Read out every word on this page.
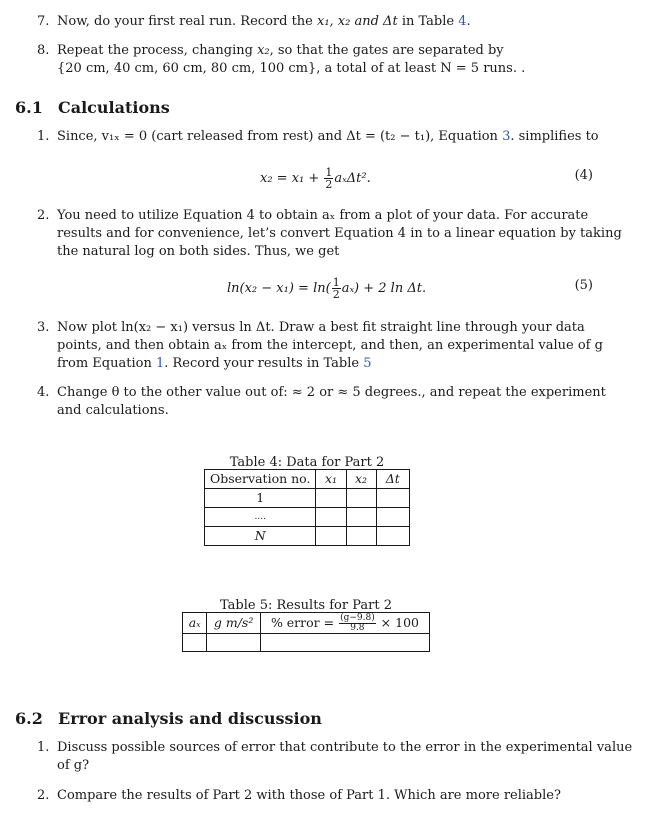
7. Now, do your first real run. Record the x₁, x₂ and Δt in Table 4.
8. Repeat the process, changing x₂, so that the gates are separated by
{20 cm, 40 cm, 60 cm, 80 cm, 100 cm}, a total of at least N = 5 runs. .
6.1 Calculations
1. Since, v₁ₓ = 0 (cart released from rest) and Δt = (t₂ − t₁), Equation 3. simplifies to
$x_2 = x_1 + \frac{1}{2} a_x\Delta t^2$.	(4)
2. You need to utilize Equation 4 to obtain aₓ from a plot of your data. For accurate
results and for convenience, let’s convert Equation 4 in to a linear equation by taking
the natural log on both sides. Thus, we get
$\ln(x_2 - x_1) = \ln( \frac{1}{2} a_x) + 2$ ln Δt.	(5)
3. Now plot ln(x₂ − x₁) versus ln Δt. Draw a best fit straight line through your data
points, and then obtain aₓ from the intercept, and then, an experimental value of g
from Equation 1. Record your results in Table 5
4. Change θ to the other value out of: ≈ 2 or ≈ 5 degrees., and repeat the experiment
and calculations.
Table 4: Data for Part 2
Observation no.	x₁	x₂	Δt
1			
....			
N			
Table 5: Results for Part 2
aₓ	g m/s²	% error = $\frac{(g-9.8)}{9.8} \times 100$

6.2 Error analysis and discussion
1. Discuss possible sources of error that contribute to the error in the experimental value
of g?
2. Compare the results of Part 2 with those of Part 1. Which are more reliable?
